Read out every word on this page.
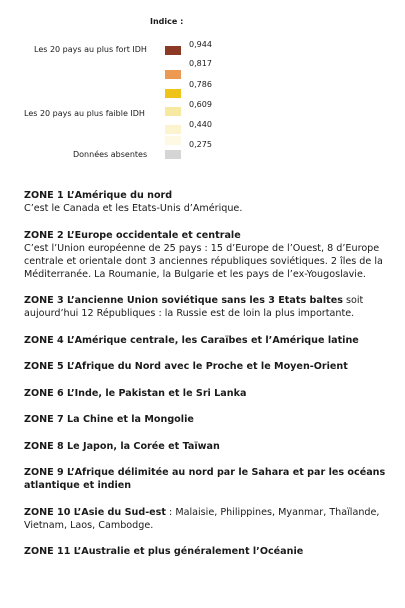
Indice :
Les 20 pays au plus fort IDH
Les 20 pays au plus faible IDH
Données absentes
0,944
0,817
0,786
0,609
0,440
0,275
ZONE 1 L’Amérique du nord
C’est le Canada et les Etats-Unis d’Amérique.
ZONE 2 L’Europe occidentale et centrale
C’est l’Union européenne de 25 pays : 15 d’Europe de l’Ouest, 8 d’Europe centrale et orientale dont 3 anciennes républiques soviétiques. 2 îles de la Méditerranée. La Roumanie, la Bulgarie et les pays de l’ex-Yougoslavie.
ZONE 3 L’ancienne Union soviétique sans les 3 Etats baltes soit aujourd’hui 12 Républiques : la Russie est de loin la plus importante.
ZONE 4 L’Amérique centrale, les Caraïbes et l’Amérique latine
ZONE 5 L’Afrique du Nord avec le Proche et le Moyen-Orient
ZONE 6 L’Inde, le Pakistan et le Sri Lanka
ZONE 7 La Chine et la Mongolie
ZONE 8 Le Japon, la Corée et Taïwan
ZONE 9 L’Afrique délimitée au nord par le Sahara et par les océans atlantique et indien
ZONE 10 L’Asie du Sud-est : Malaisie, Philippines, Myanmar, Thaïlande, Vietnam, Laos, Cambodge.
ZONE 11 L’Australie et plus généralement l’Océanie
